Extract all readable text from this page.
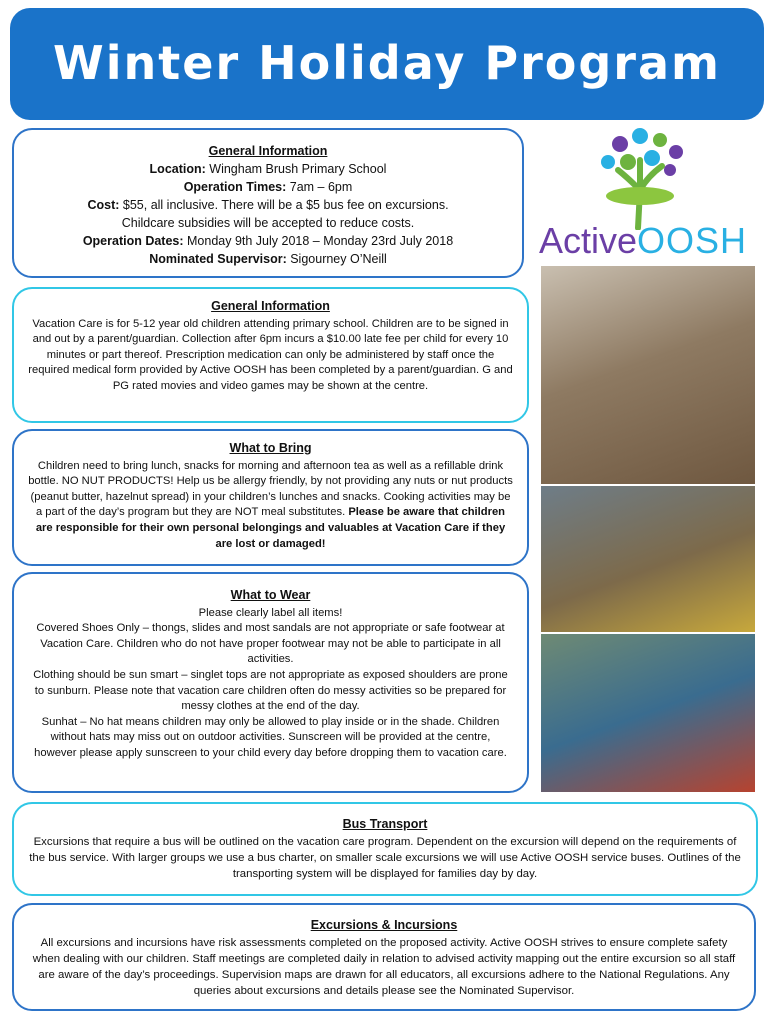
Winter Holiday Program
ActiveOOSH
General Information

Location: Wingham Brush Primary School

Operation Times: 7am – 6pm

Cost: $55, all inclusive. There will be a $5 bus fee on excursions.

Childcare subsidies will be accepted to reduce costs.

Operation Dates: Monday 9th July 2018 – Monday 23rd July 2018

Nominated Supervisor: Sigourney O’Neill

General Information

Vacation Care is for 5-12 year old children attending primary school. Children are to be signed in and out by a parent/guardian. Collection after 6pm incurs a $10.00 late fee per child for every 10 minutes or part thereof. Prescription medication can only be administered by staff once the required medical form provided by Active OOSH has been completed by a parent/guardian. G and PG rated movies and video games may be shown at the centre.

What to Bring

Children need to bring lunch, snacks for morning and afternoon tea as well as a refillable drink bottle. NO NUT PRODUCTS! Help us be allergy friendly, by not providing any nuts or nut products (peanut butter, hazelnut spread) in your children’s lunches and snacks. Cooking activities may be a part of the day’s program but they are NOT meal substitutes. Please be aware that children are responsible for their own personal belongings and valuables at Vacation Care if they are lost or damaged!

What to Wear

Please clearly label all items!

Covered Shoes Only – thongs, slides and most sandals are not appropriate or safe footwear at Vacation Care. Children who do not have proper footwear may not be able to participate in all activities.

Clothing should be sun smart – singlet tops are not appropriate as exposed shoulders are prone to sunburn. Please note that vacation care children often do messy activities so be prepared for messy clothes at the end of the day.

Sunhat – No hat means children may only be allowed to play inside or in the shade. Children without hats may miss out on outdoor activities. Sunscreen will be provided at the centre, however please apply sunscreen to your child every day before dropping them to vacation care.

Bus Transport

Excursions that require a bus will be outlined on the vacation care program. Dependent on the excursion will depend on the requirements of the bus service. With larger groups we use a bus charter, on smaller scale excursions we will use Active OOSH service buses. Outlines of the transporting system will be displayed for families day by day.

Excursions & Incursions

All excursions and incursions have risk assessments completed on the proposed activity. Active OOSH strives to ensure complete safety when dealing with our children. Staff meetings are completed daily in relation to advised activity mapping out the entire excursion so all staff are aware of the day’s proceedings. Supervision maps are drawn for all educators, all excursions adhere to the National Regulations. Any queries about excursions and details please see the Nominated Supervisor.
